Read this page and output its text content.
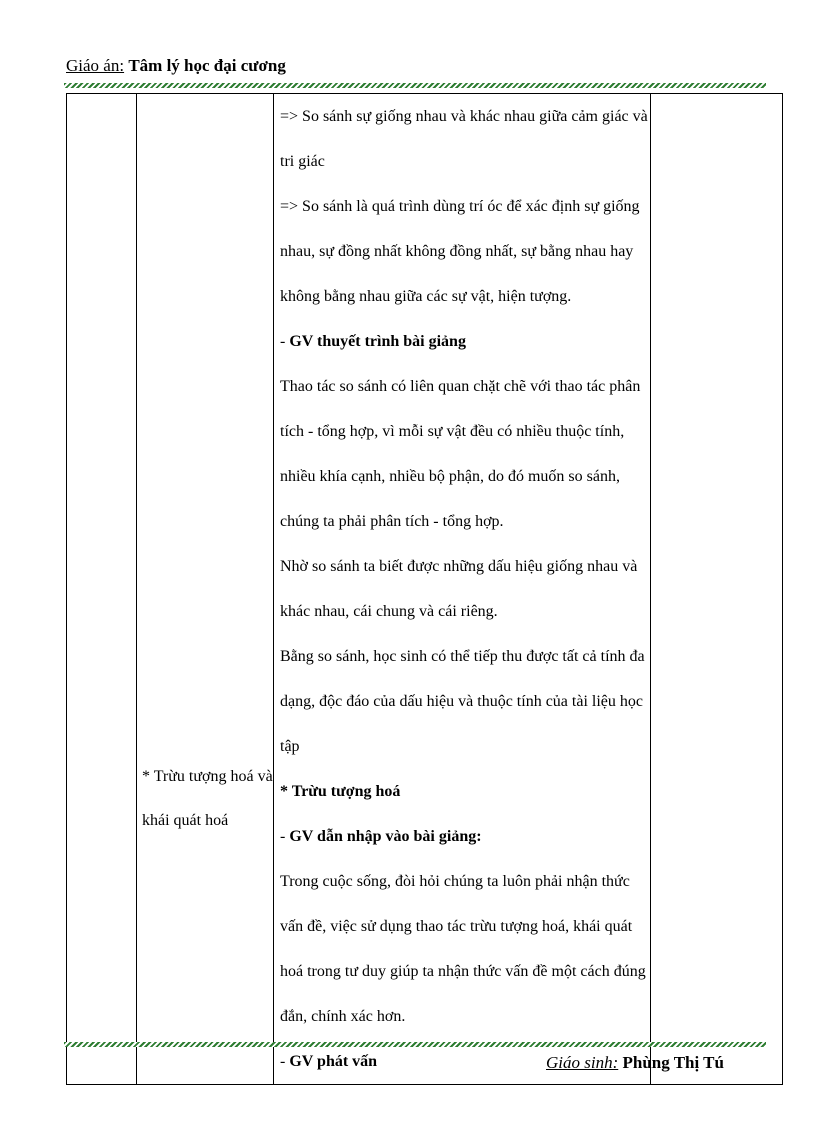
Giáo án: Tâm lý học đại cương

* Trừu tượng hoá và khái quát hoá

=> So sánh sự giống nhau và khác nhau giữa cảm giác và tri giác
=> So sánh là quá trình dùng trí óc để xác định sự giống nhau, sự đồng nhất không đồng nhất, sự bằng nhau hay không bằng nhau giữa các sự vật, hiện tượng.
- GV thuyết trình bài giảng
Thao tác so sánh có liên quan chặt chẽ với thao tác phân tích - tổng hợp, vì mỗi sự vật đều có nhiều thuộc tính, nhiều khía cạnh, nhiều bộ phận, do đó muốn so sánh, chúng ta phải phân tích - tổng hợp.
Nhờ so sánh ta biết được những dấu hiệu giống nhau và khác nhau, cái chung và cái riêng.
Bằng so sánh, học sinh có thể tiếp thu được tất cả tính đa dạng, độc đáo của dấu hiệu và thuộc tính của tài liệu học tập
* Trừu tượng hoá
- GV dẫn nhập vào bài giảng:
Trong cuộc sống, đòi hỏi chúng ta luôn phải nhận thức vấn đề, việc sử dụng thao tác trừu tượng hoá, khái quát hoá trong tư duy giúp ta nhận thức vấn đề một cách đúng đắn, chính xác hơn.
- GV phát vấn
		Giáo sinh: Phùng Thị Tú
